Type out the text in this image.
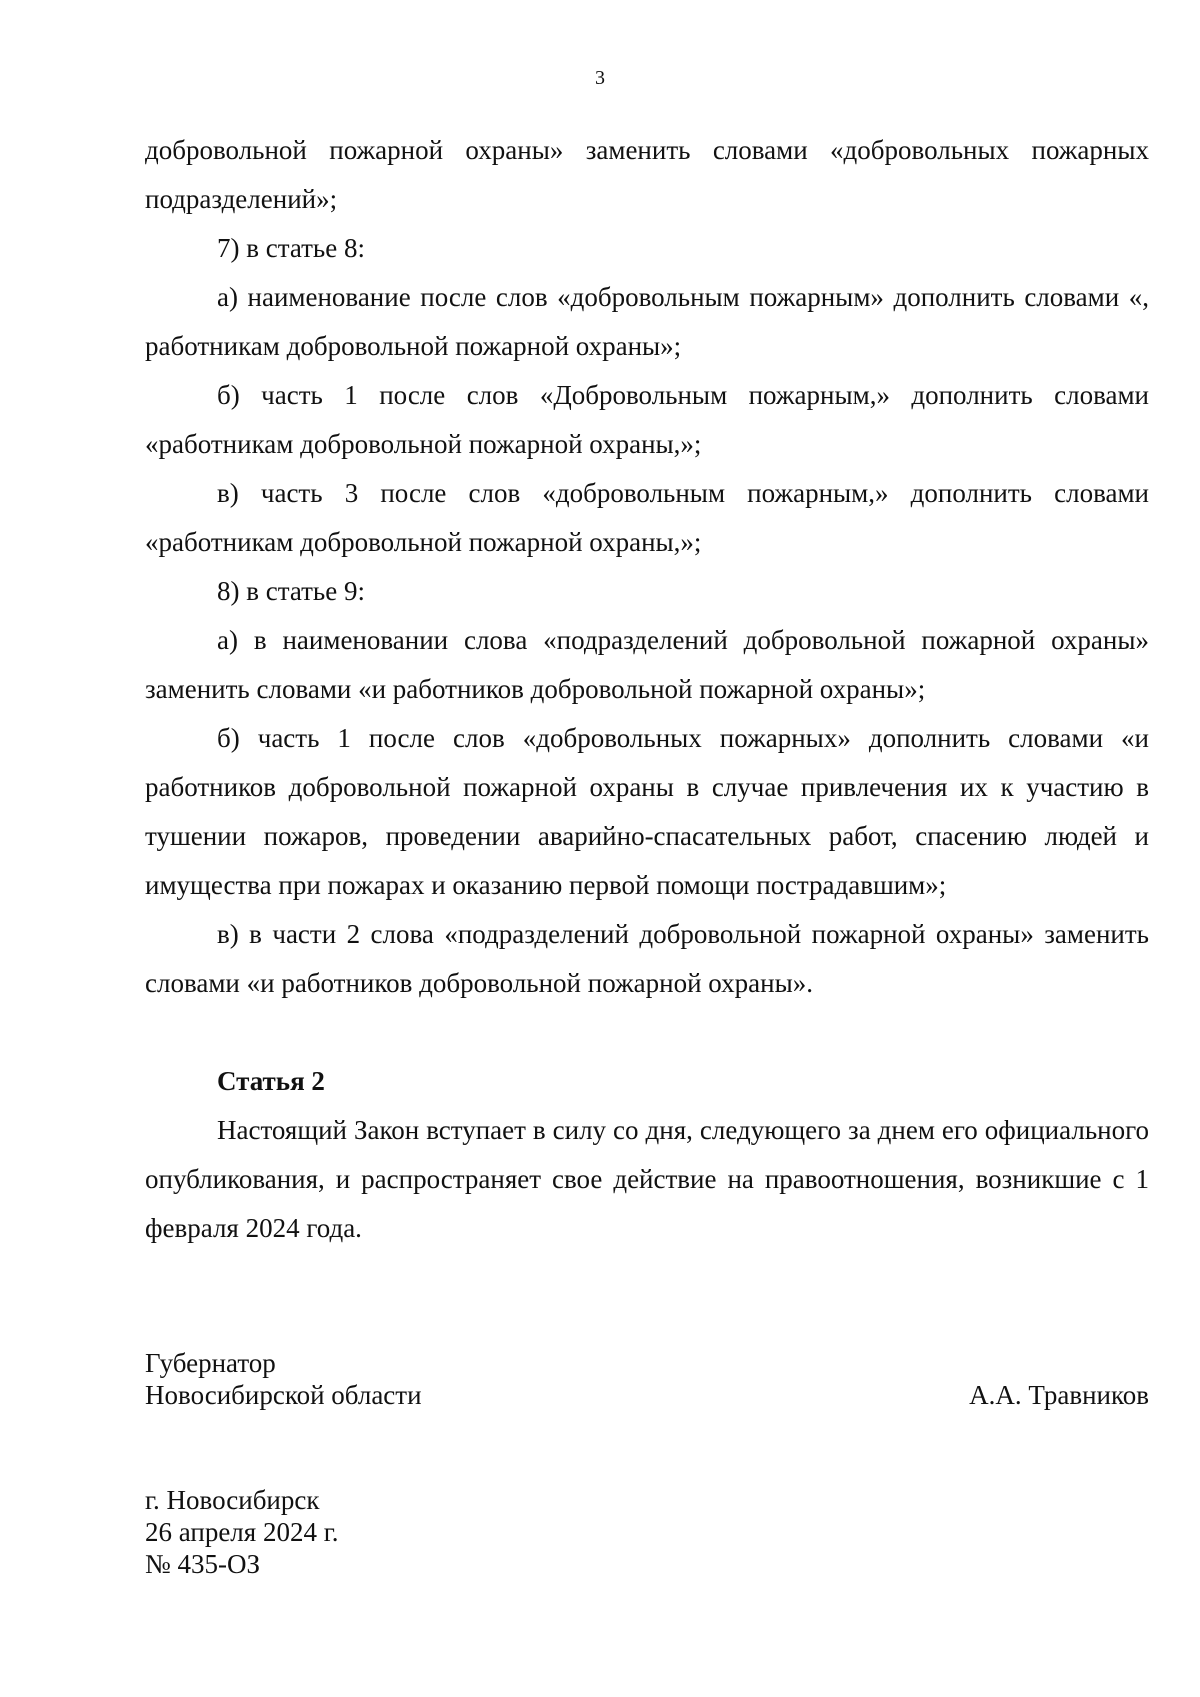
3

добровольной пожарной охраны» заменить словами «добровольных пожарных подразделений»;

7) в статье 8:

а) наименование после слов «добровольным пожарным» дополнить словами «, работникам добровольной пожарной охраны»;

б) часть 1 после слов «Добровольным пожарным,» дополнить словами «работникам добровольной пожарной охраны,»;

в) часть 3 после слов «добровольным пожарным,» дополнить словами «работникам добровольной пожарной охраны,»;

8) в статье 9:

а) в наименовании слова «подразделений добровольной пожарной охраны» заменить словами «и работников добровольной пожарной охраны»;

б) часть 1 после слов «добровольных пожарных» дополнить словами «и работников добровольной пожарной охраны в случае привлечения их к участию в тушении пожаров, проведении аварийно-спасательных работ, спасению людей и имущества при пожарах и оказанию первой помощи пострадавшим»;

в) в части 2 слова «подразделений добровольной пожарной охраны» заменить словами «и работников добровольной пожарной охраны».

Статья 2

Настоящий Закон вступает в силу со дня, следующего за днем его официального опубликования, и распространяет свое действие на правоотношения, возникшие с 1 февраля 2024 года.

Губернатор
Новосибирской области	А.А. Травников
г. Новосибирск
26 апреля 2024 г.
№ 435-ОЗ
